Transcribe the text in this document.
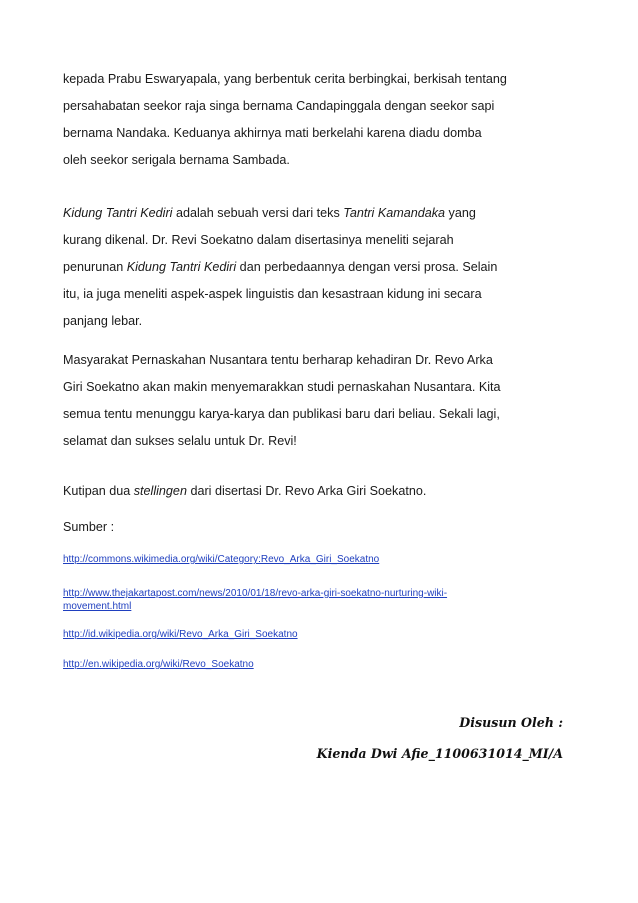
kepada Prabu Eswaryapala, yang berbentuk cerita berbingkai, berkisah tentang
persahabatan seekor raja singa bernama Candapinggala dengan seekor sapi
bernama Nandaka. Keduanya akhirnya mati berkelahi karena diadu domba
oleh seekor serigala bernama Sambada.

Kidung Tantri Kediri adalah sebuah versi dari teks Tantri Kamandaka yang
kurang dikenal. Dr. Revi Soekatno dalam disertasinya meneliti sejarah
penurunan Kidung Tantri Kediri dan perbedaannya dengan versi prosa. Selain
itu, ia juga meneliti aspek-aspek linguistis dan kesastraan kidung ini secara
panjang lebar.

Masyarakat Pernaskahan Nusantara tentu berharap kehadiran Dr. Revo Arka
Giri Soekatno akan makin menyemarakkan studi pernaskahan Nusantara. Kita
semua tentu menunggu karya-karya dan publikasi baru dari beliau. Sekali lagi,
selamat dan sukses selalu untuk Dr. Revi!

Kutipan dua stellingen dari disertasi Dr. Revo Arka Giri Soekatno.

Sumber :

http://commons.wikimedia.org/wiki/Category:Revo_Arka_Giri_Soekatno
http://www.thejakartapost.com/news/2010/01/18/revo-arka-giri-soekatno-nurturing-wiki-
movement.html
http://id.wikipedia.org/wiki/Revo_Arka_Giri_Soekatno
http://en.wikipedia.org/wiki/Revo_Soekatno
Disusun Oleh :
Kienda Dwi Afie_1100631014_MI/A
